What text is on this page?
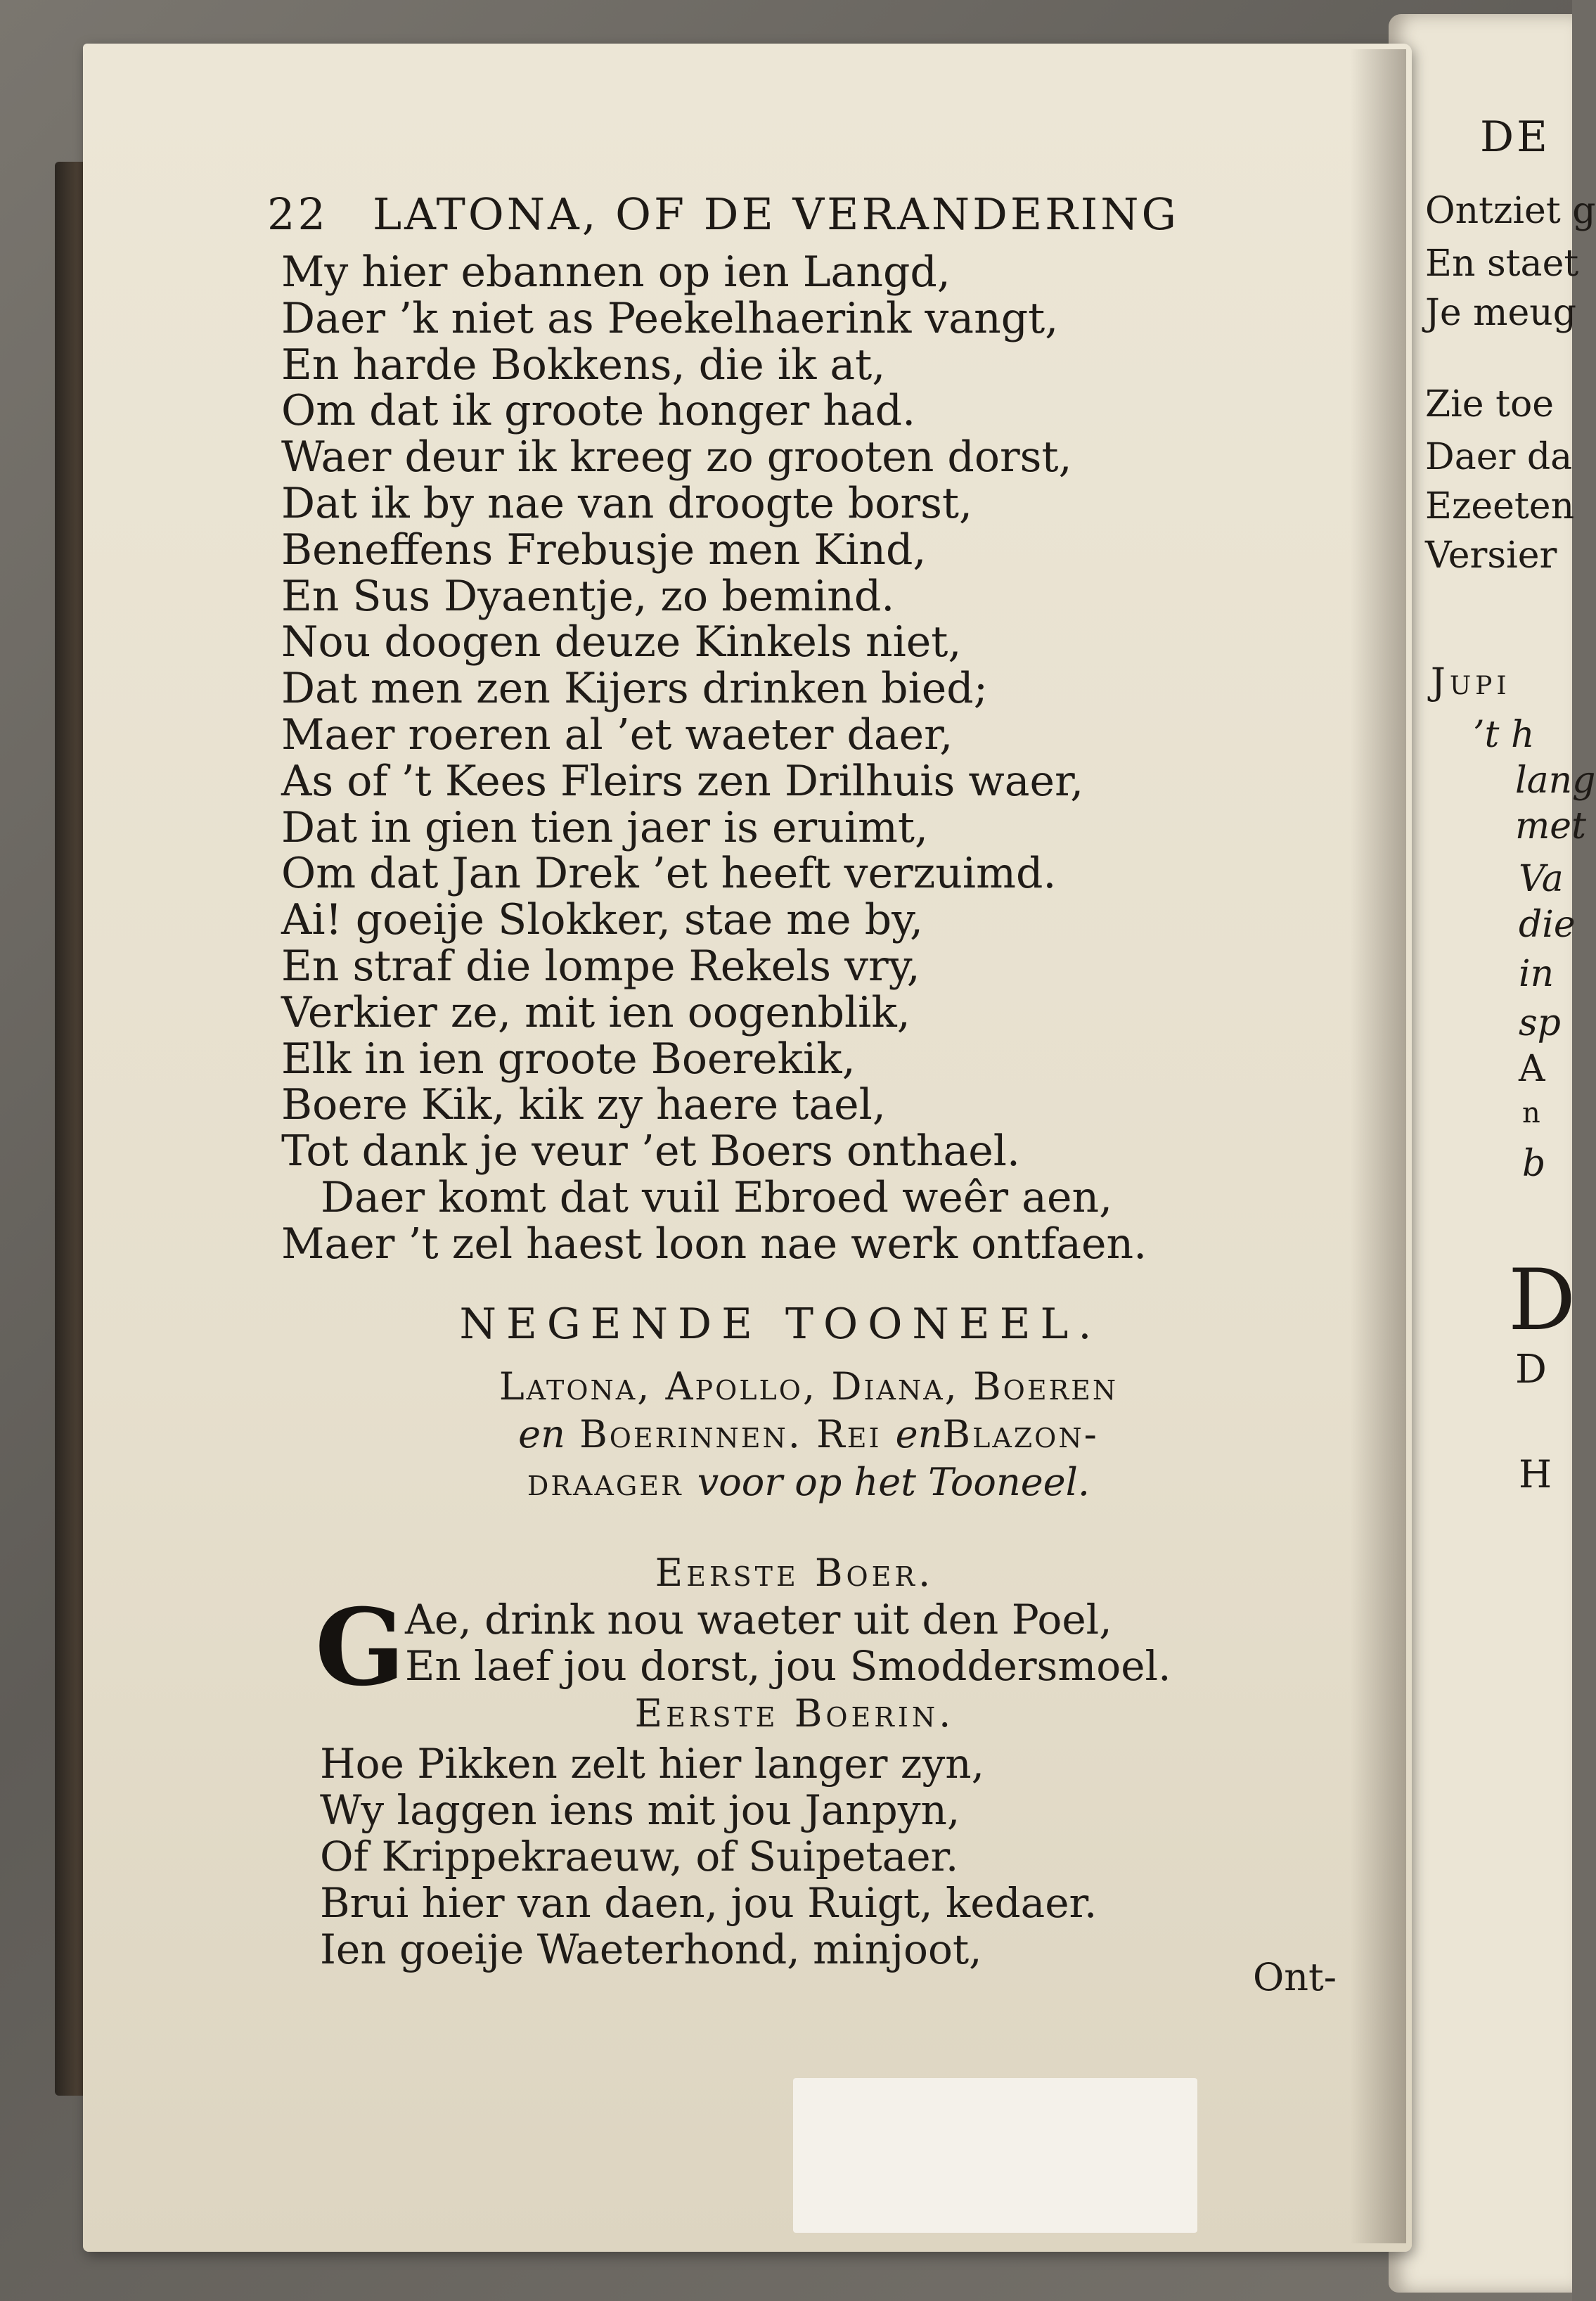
DE
Ontziet g
En staet
Je meug
Zie toe
Daer da
Ezeeten
Versier
Jupi
’t h
lang
met
Va
die
in
sp
A
n
b
D
D
H
22 LATONA, OF DE VERANDERING
My hier ebannen op ien Langd,
Daer ’k niet as Peekelhaerink vangt,
En harde Bokkens, die ik at,
Om dat ik groote honger had.
Waer deur ik kreeg zo grooten dorst,
Dat ik by nae van droogte borst,
Beneffens Frebusje men Kind,
En Sus Dyaentje, zo bemind.
Nou doogen deuze Kinkels niet,
Dat men zen Kijers drinken bied;
Maer roeren al ’et waeter daer,
As of ’t Kees Fleirs zen Drilhuis waer,
Dat in gien tien jaer is eruimt,
Om dat Jan Drek ’et heeft verzuimd.
Ai! goeije Slokker, stae me by,
En straf die lompe Rekels vry,
Verkier ze, mit ien oogenblik,
Elk in ien groote Boerekik,
Boere Kik, kik zy haere tael,
Tot dank je veur ’et Boers onthael.
Daer komt dat vuil Ebroed weêr aen,
Maer ’t zel haest loon nae werk ontfaen.
NEGENDE TOONEEL.
Latona, Apollo, Diana, Boeren
en Boerinnen. Rei enBlazon-
draager voor op het Tooneel.
Eerste Boer.
G Ae, drink nou waeter uit den Poel,
En laef jou dorst, jou Smoddersmoel.
Eerste Boerin.
Hoe Pikken zelt hier langer zyn,
Wy laggen iens mit jou Janpyn,
Of Krippekraeuw, of Suipetaer.
Brui hier van daen, jou Ruigt, kedaer.
Ien goeije Waeterhond, minjoot,
Ont-
